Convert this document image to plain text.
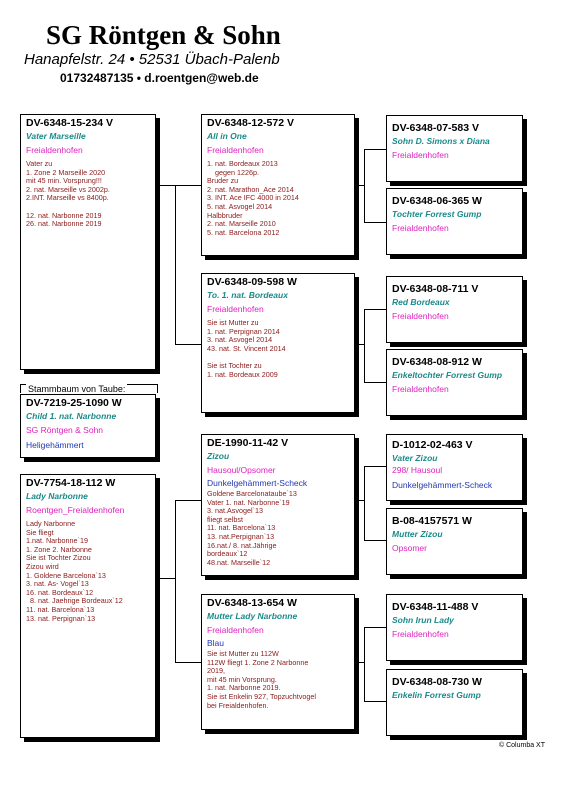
SG Röntgen & Sohn
Hanapfelstr. 24 • 52531 Übach-Palenb
01732487135 • d.roentgen@web.de
DV-6348-15-234 V
Vater Marseille
Freialdenhofen
Vater zu
1. Zone 2 Marseille 2020
mit 45 min. Vorsprung!!!
2. nat. Marseille vs 2002p.
2.INT. Marseille vs 8400p.

12. nat. Narbonne 2019
26. nat. Narbonne 2019
Stammbaum von Taube:
DV-7219-25-1090 W
Child 1. nat. Narbonne
SG Röntgen & Sohn
Heligehämmert
DV-7754-18-112 W
Lady Narbonne
Roentgen_Freialdenhofen
Lady Narbonne
Sie fliegt
1.nat. Narbonne`19
1. Zone 2. Narbonne
Sie ist Tochter Zizou
Zizou wird
1. Goldene Barcelona`13
3. nat. As- Vogel`13
16. nat. Bordeaux`12
8. nat. Jaehrige Bordeaux`12
11. nat. Barcelona`13
13. nat. Perpignan`13
DV-6348-12-572 V
All in One
Freialdenhofen
1. nat. Bordeaux 2013
gegen 1226p.
Bruder zu
2. nat. Marathon_Ace 2014
3. INT. Ace IFC 4000 in 2014
5. nat. Asvogel 2014
Halbbruder
2. nat. Marseille 2010
5. nat. Barcelona 2012
DV-6348-09-598 W
To. 1. nat. Bordeaux
Freialdenhofen
Sie ist Mutter zu
1. nat. Perpignan 2014
3. nat. Asvogel 2014
43. nat. St. Vincent 2014

Sie ist Tochter zu
1. nat. Bordeaux 2009
DE-1990-11-42 V
Zizou
Hausoul/Opsomer
Dunkelgehämmert-Scheck
Goldene Barcelonataube`13
Vater 1. nat. Narbonne`19
3. nat.Asvogel`13
fliegt selbst
11. nat. Barcelona`13
13. nat.Perpignan`13
16.nat./ 8. nat.Jährige
bordeaux`12
48.nat. Marseille`12
DV-6348-13-654 W
Mutter Lady Narbonne
Freialdenhofen
Blau
Sie ist Mutter zu 112W
112W fliegt 1. Zone 2 Narbonne
2019,
mit 45 min Vorsprung.
1. nat. Narbonne 2019.
Sie ist Enkelin 927, Topzuchtvogel
bei Freialdenhofen.
DV-6348-07-583 V
Sohn D. Simons x Diana
Freialdenhofen
DV-6348-06-365 W
Tochter Forrest Gump
Freialdenhofen
DV-6348-08-711 V
Red Bordeaux
Freialdenhofen
DV-6348-08-912 W
Enkeltochter Forrest Gump
Freialdenhofen
D-1012-02-463 V
Vater Zizou
298/ Hausoul
Dunkelgehämmert-Scheck
B-08-4157571 W
Mutter Zizou
Opsomer
DV-6348-11-488 V
Sohn Irun Lady
Freialdenhofen
DV-6348-08-730 W
Enkelin Forrest Gump
© Columba XT
